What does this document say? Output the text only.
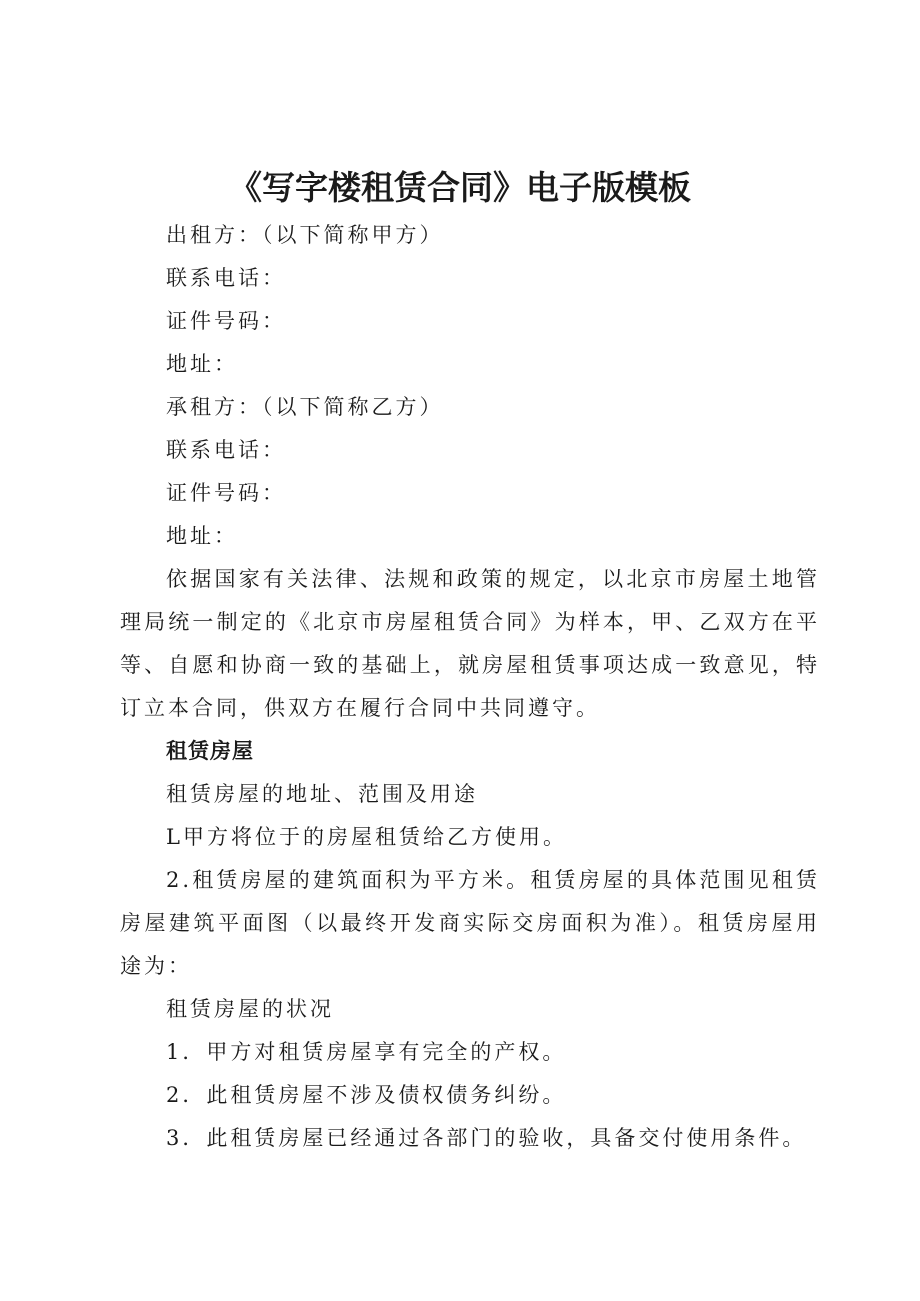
《写字楼租赁合同》电子版模板

出租方：（以下简称甲方）

联系电话：

证件号码：

地址：

承租方：（以下简称乙方）

联系电话：

证件号码：

地址：

依据国家有关法律、法规和政策的规定，以北京市房屋土地管理局统一制定的《北京市房屋租赁合同》为样本，甲、乙双方在平等、自愿和协商一致的基础上，就房屋租赁事项达成一致意见，特订立本合同，供双方在履行合同中共同遵守。

租赁房屋

租赁房屋的地址、范围及用途

L甲方将位于的房屋租赁给乙方使用。

2.租赁房屋的建筑面积为平方米。租赁房屋的具体范围见租赁房屋建筑平面图（以最终开发商实际交房面积为准）。租赁房屋用途为：

租赁房屋的状况

1．甲方对租赁房屋享有完全的产权。

2．此租赁房屋不涉及债权债务纠纷。

3．此租赁房屋已经通过各部门的验收，具备交付使用条件。
